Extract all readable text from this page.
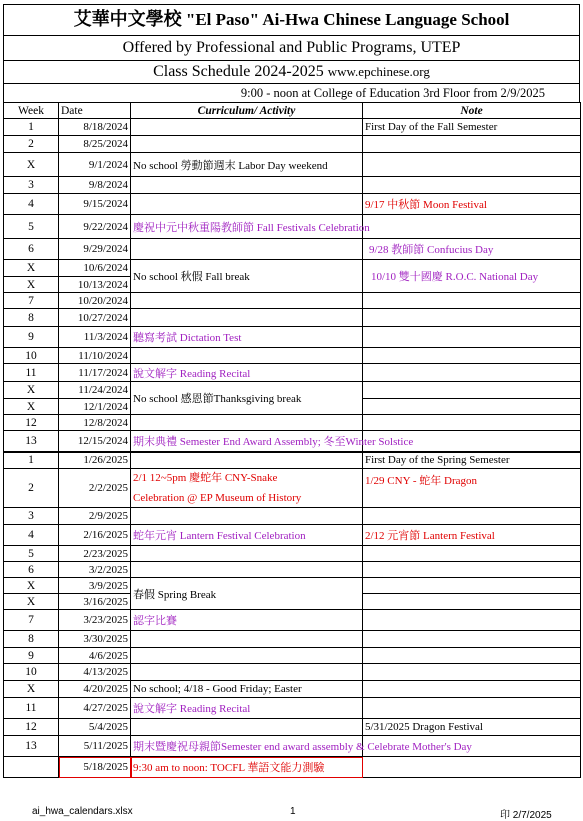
艾華中文學校 "El Paso" Ai-Hwa Chinese Language School
Offered by Professional and Public Programs, UTEP
Class Schedule 2024-2025 www.epchinese.org
9:00 - noon at College of Education 3rd Floor from 2/9/2025
Week	Date	Curriculum/ Activity	Note
1	8/18/2024		First Day of the Fall Semester

2	8/25/2024	

X	9/1/2024	No school 勞動節週末 Labor Day weekend	

3	9/8/2024	

4	9/15/2024		9/17 中秋節 Moon Festival

5	9/22/2024	慶祝中元中秋重陽教師節 Fall Festivals Celebration	

6	9/29/2024		9/28 教師節 Confucius Day

X	10/6/2024	No school 秋假 Fall break	10/10 雙十國慶 R.O.C. National Day

X	10/13/2024		
7	10/20/2024	

8	10/27/2024	

9	11/3/2024	聽寫考試 Dictation Test	

10	11/10/2024	

11	11/17/2024	說文解字 Reading Recital	

X	11/24/2024	No school 感恩節Thanksgiving break	

X	12/1/2024		

12	12/8/2024	

13	12/15/2024	期末典禮 Semester End Award Assembly; 冬至Winter Solstice	

1	1/26/2025		First Day of the Spring Semester

2	2/2/2025	2/1 12~5pm 慶蛇年 CNY-Snake
Celebration @ EP Museum of History	1/29 CNY - 蛇年 Dragon

3	2/9/2025	

4	2/16/2025	蛇年元宵 Lantern Festival Celebration	2/12 元宵節 Lantern Festival

5	2/23/2025	

6	3/2/2025	

X	3/9/2025	春假 Spring Break	

X	3/16/2025		

7	3/23/2025	認字比賽	

8	3/30/2025	

9	4/6/2025	

10	4/13/2025	

X	4/20/2025	No school; 4/18 - Good Friday; Easter	

11	4/27/2025	說文解字 Reading Recital	

12	5/4/2025		5/31/2025 Dragon Festival

13	5/11/2025	期末暨慶祝母親節Semester end award assembly & Celebrate Mother's Day	

	5/18/2025	9:30 am to noon: TOCFL 華語文能力測驗	

ai_hwa_calendars.xlsx	1	印 2/7/2025
